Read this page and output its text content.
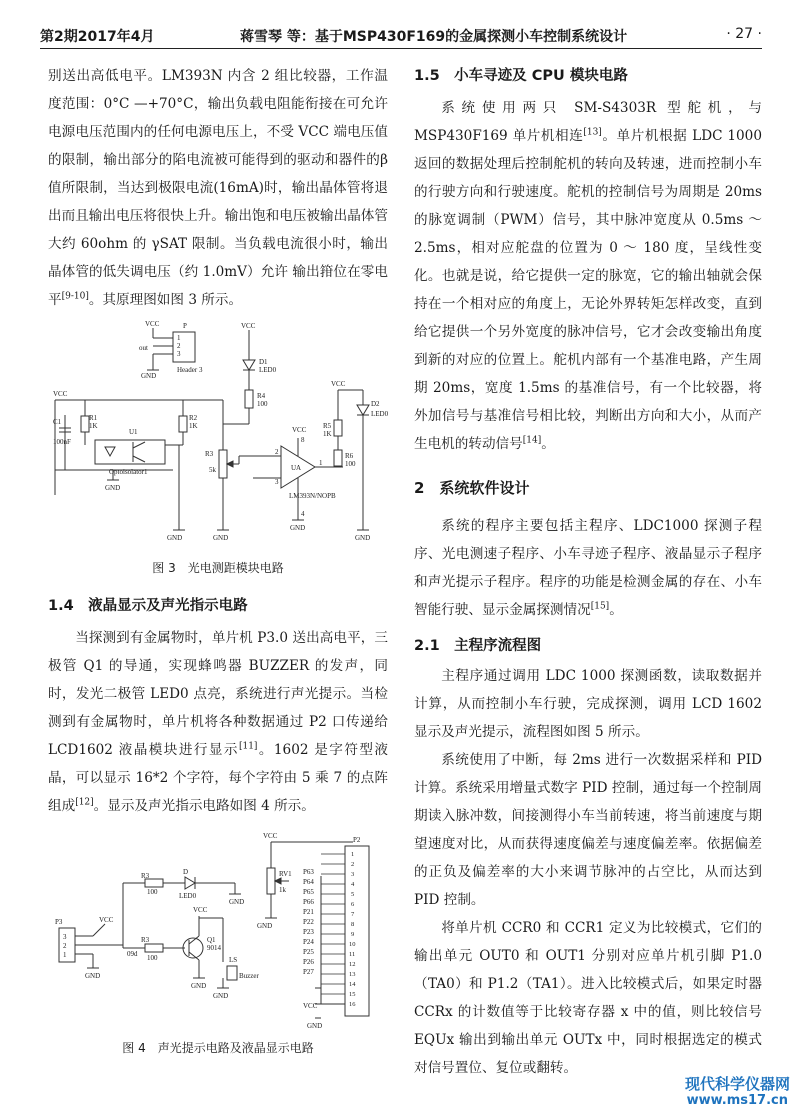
第2期2017年4月	蒋雪琴 等：基于MSP430F169的金属探测小车控制系统设计	· 27 ·

别送出高低电平。LM393N 内含 2 组比较器，工作温度范围：0°C —+70°C，输出负载电阻能衔接在可允许电源电压范围内的任何电源电压上，不受 VCC 端电压值的限制，输出部分的陷电流被可能得到的驱动和器件的β值所限制，当达到极限电流(16mA)时，输出晶体管将退出而且输出电压将很快上升。输出饱和电压被输出晶体管大约 60ohm 的 γSAT 限制。当负载电流很小时，输出晶体管的低失调电压（约 1.0mV）允许 输出箝位在零电平[9-10]。其原理图如图 3 所示。

VCC	P
1
2
3
out
Header 3
GND
VCC
D1
LED0
R4
100
VCC
C1
100nF
R1
1K
U1
Optoisolator1
GND
R2
1K
R3
5k
GND	GND
UA
LM393N/NOPB
2
3
1
8
4
VCC
GND
VCC
R5
1K
R6
100
D2
LED0
GND
图 3　光电测距模块电路

1.4　液晶显示及声光指示电路

当探测到有金属物时，单片机 P3.0 送出高电平，三极管 Q1 的导通，实现蜂鸣器 BUZZER 的发声，同时，发光二极管 LED0 点亮，系统进行声光提示。当检测到有金属物时，单片机将各种数据通过 P2 口传递给 LCD1602 液晶模块进行显示[11]。1602 是字符型液晶，可以显示 16*2 个字符，每个字符由 5 乘 7 的点阵组成[12]。显示及声光指示电路如图 4 所示。

P2
VCC
GND
RV1
1k
R3
100
D
LED0
GND
P3
3
2
1
VCC
GND
R3
100
09d
Q1
9014
VCC
GND
LS
Buzzer
GND
GND
VCC
P63
P64
P65
P66
P21
P22
P23
P24
P25
P26
P27
1
2
3
4
5
6
7
8
9
10
11
12
13
14
15
16
图 4　声光提示电路及液晶显示电路

1.5　小车寻迹及 CPU 模块电路

系统使用两只 SM-S4303R 型舵机，与 MSP430F169 单片机相连[13]。单片机根据 LDC 1000 返回的数据处理后控制舵机的转向及转速，进而控制小车的行驶方向和行驶速度。舵机的控制信号为周期是 20ms 的脉宽调制（PWM）信号，其中脉冲宽度从 0.5ms ～ 2.5ms，相对应舵盘的位置为 0 ～ 180 度，呈线性变化。也就是说，给它提供一定的脉宽，它的输出轴就会保持在一个相对应的角度上，无论外界转矩怎样改变，直到给它提供一个另外宽度的脉冲信号，它才会改变输出角度到新的对应的位置上。舵机内部有一个基准电路，产生周期 20ms，宽度 1.5ms 的基准信号，有一个比较器，将外加信号与基准信号相比较，判断出方向和大小，从而产生电机的转动信号[14]。

2　系统软件设计

系统的程序主要包括主程序、LDC1000 探测子程序、光电测速子程序、小车寻迹子程序、液晶显示子程序和声光提示子程序。程序的功能是检测金属的存在、小车智能行驶、显示金属探测情况[15]。

2.1　主程序流程图

主程序通过调用 LDC 1000 探测函数，读取数据并计算，从而控制小车行驶，完成探测，调用 LCD 1602 显示及声光提示，流程图如图 5 所示。

系统使用了中断，每 2ms 进行一次数据采样和 PID 计算。系统采用增量式数字 PID 控制，通过每一个控制周期读入脉冲数，间接测得小车当前转速，将当前速度与期望速度对比，从而获得速度偏差与速度偏差率。依据偏差的正负及偏差率的大小来调节脉冲的占空比，从而达到 PID 控制。

将单片机 CCR0 和 CCR1 定义为比较模式，它们的输出单元 OUT0 和 OUT1 分别对应单片机引脚 P1.0（TA0）和 P1.2（TA1）。进入比较模式后，如果定时器 CCRx 的计数值等于比较寄存器 x 中的值，则比较信号 EQUx 输出到输出单元 OUTx 中，同时根据选定的模式对信号置位、复位或翻转。

现代科学仪器网
www.ms17.cn
